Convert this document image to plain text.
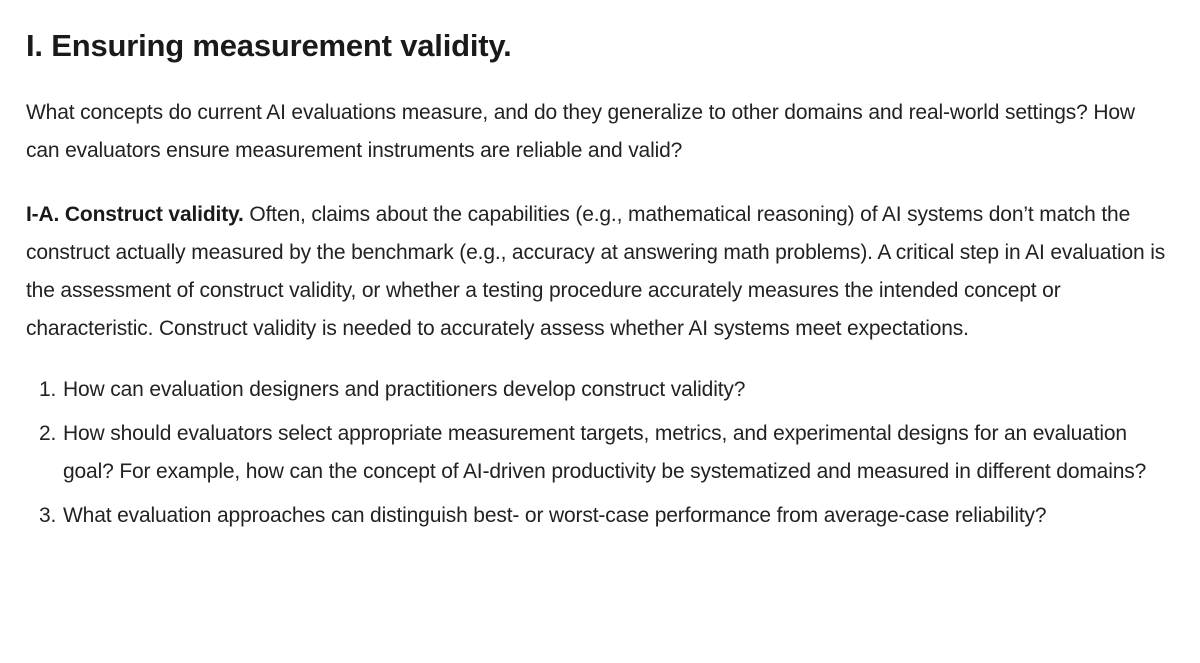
I. Ensuring measurement validity.

What concepts do current AI evaluations measure, and do they generalize to other domains and real-world settings? How can evaluators ensure measurement instruments are reliable and valid?

I-A. Construct validity. Often, claims about the capabilities (e.g., mathematical reasoning) of AI systems don’t match the construct actually measured by the benchmark (e.g., accuracy at answering math problems). A critical step in AI evaluation is the assessment of construct validity, or whether a testing procedure accurately measures the intended concept or characteristic. Construct validity is needed to accurately assess whether AI systems meet expectations.

1. How can evaluation designers and practitioners develop construct validity?
2. How should evaluators select appropriate measurement targets, metrics, and experimental designs for an evaluation goal? For example, how can the concept of AI-driven productivity be systematized and measured in different domains?
3. What evaluation approaches can distinguish best- or worst-case performance from average-case reliability?
